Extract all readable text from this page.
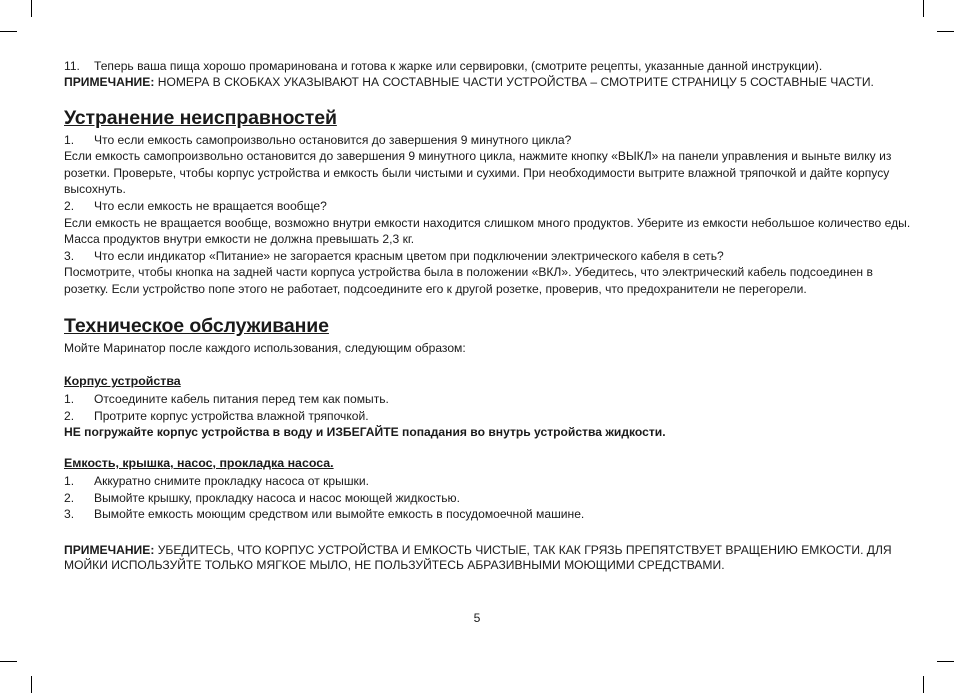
11.	Теперь ваша пища хорошо промаринована и готова к жарке или сервировки, (смотрите рецепты, указанные данной инструкции).

ПРИМЕЧАНИЕ: НОМЕРА В СКОБКАХ УКАЗЫВАЮТ НА СОСТАВНЫЕ ЧАСТИ УСТРОЙСТВА – СМОТРИТЕ СТРАНИЦУ 5 СОСТАВНЫЕ ЧАСТИ.

Устранение неисправностей
1.	Что если емкость самопроизвольно остановится до завершения 9 минутного цикла?

Если емкость самопроизвольно остановится до завершения 9 минутного цикла, нажмите кнопку «ВЫКЛ» на панели управления и выньте вилку из розетки. Проверьте, чтобы корпус устройства и емкость были чистыми и сухими. При необходимости вытрите влажной тряпочкой и дайте корпусу высохнуть.

2.	Что если емкость не вращается вообще?

Если емкость не вращается вообще, возможно внутри емкости находится слишком много продуктов. Уберите из емкости небольшое количество еды. Масса продуктов внутри емкости не должна превышать 2,3 кг.

3.	Что если индикатор «Питание» не загорается красным цветом при подключении электрического кабеля в сеть?

Посмотрите, чтобы кнопка на задней части корпуса устройства была в положении «ВКЛ». Убедитесь, что электрический кабель подсоединен в розетку. Если устройство попе этого не работает, подсоедините его к другой розетке, проверив, что предохранители не перегорели.

Техническое обслуживание

Мойте Маринатор после каждого использования, следующим образом:

Корпус устройства
1.	Отсоедините кабель питания перед тем как помыть.
2.	Протрите корпус устройства влажной тряпочкой.

НЕ погружайте корпус устройства в воду и ИЗБЕГАЙТЕ попадания во внутрь устройства жидкости.

Емкость, крышка, насос, прокладка насоса.
1.	Аккуратно снимите прокладку насоса от крышки.
2.	Вымойте крышку, прокладку насоса и насос моющей жидкостью.
3.	Вымойте емкость моющим средством или вымойте емкость в посудомоечной машине.

ПРИМЕЧАНИЕ: УБЕДИТЕСЬ, ЧТО КОРПУС УСТРОЙСТВА И ЕМКОСТЬ ЧИСТЫЕ, ТАК КАК ГРЯЗЬ ПРЕПЯТСТВУЕТ ВРАЩЕНИЮ ЕМКОСТИ. ДЛЯ МОЙКИ ИСПОЛЬЗУЙТЕ ТОЛЬКО МЯГКОЕ МЫЛО, НЕ ПОЛЬЗУЙТЕСЬ АБРАЗИВНЫМИ МОЮЩИМИ СРЕДСТВАМИ.

5
